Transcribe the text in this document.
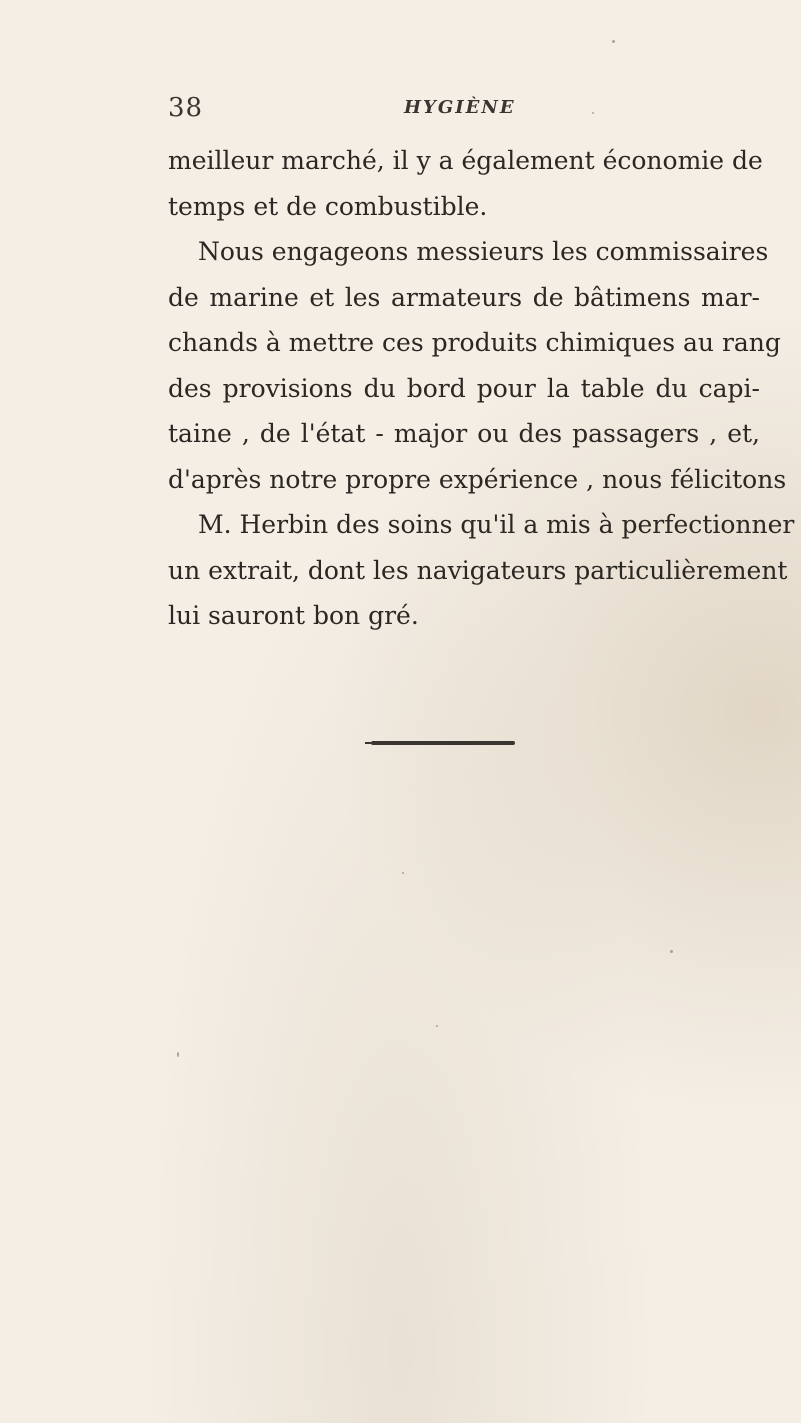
38	HYGIÈNE
meilleur marché, il y a également économie de
temps et de combustible.
Nous engageons messieurs les commissaires
de marine et les armateurs de bâtimens mar-
chands à mettre ces produits chimiques au rang
des provisions du bord pour la table du capi-
taine , de l'état - major ou des passagers , et,
d'après notre propre expérience , nous félicitons
M. Herbin des soins qu'il a mis à perfectionner
un extrait, dont les navigateurs particulièrement
lui sauront bon gré.
